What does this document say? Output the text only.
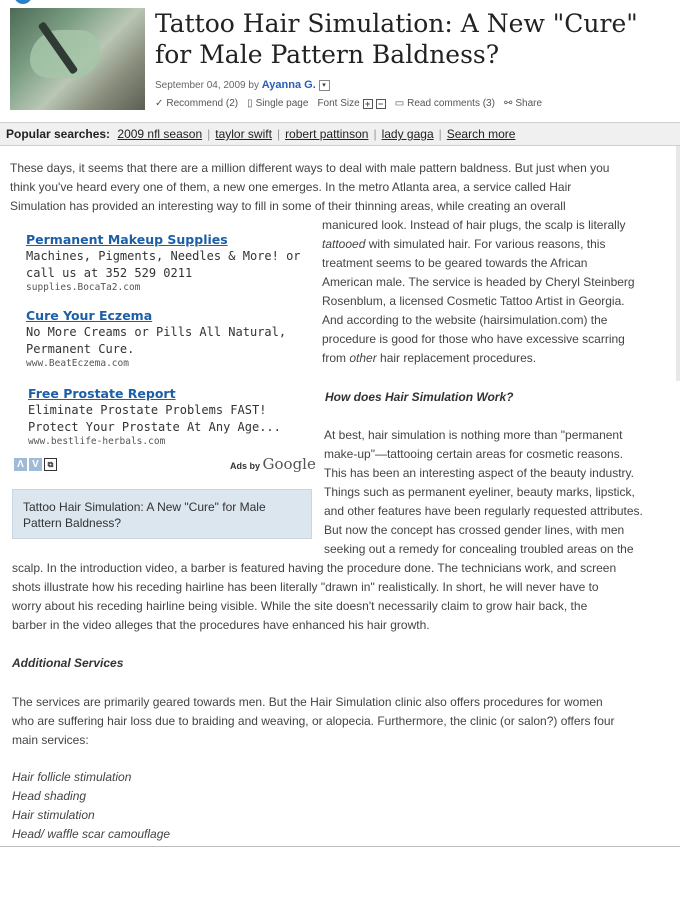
Tattoo Hair Simulation: A New "Cure" for Male Pattern Baldness?
September 04, 2009 by Ayanna G. ▾
✓ Recommend (2) ▯ Single page Font Size + − ▭ Read comments (3) ⚯ Share
Popular searches: 2009 nfl season | taylor swift | robert pattinson | lady gaga | Search more

These days, it seems that there are a million different ways to deal with male pattern baldness. But just when you

think you've heard every one of them, a new one emerges. In the metro Atlanta area, a service called Hair

Simulation has provided an interesting way to fill in some of their thinning areas, while creating an overall

manicured look. Instead of hair plugs, the scalp is literally

tattooed with simulated hair. For various reasons, this

treatment seems to be geared towards the African

American male. The service is headed by Cheryl Steinberg

Rosenblum, a licensed Cosmetic Tattoo Artist in Georgia.

And according to the website (hairsimulation.com) the

procedure is good for those who have excessive scarring

from other hair replacement procedures.

How does Hair Simulation Work?

At best, hair simulation is nothing more than "permanent

make-up"—tattooing certain areas for cosmetic reasons.

This has been an interesting aspect of the beauty industry.

Things such as permanent eyeliner, beauty marks, lipstick,

and other features have been regularly requested attributes.

But now the concept has crossed gender lines, with men

seeking out a remedy for concealing troubled areas on the

scalp. In the introduction video, a barber is featured having the procedure done. The technicians work, and screen

shots illustrate how his receding hairline has been literally "drawn in" realistically. In short, he will never have to

worry about his receding hairline being visible. While the site doesn't necessarily claim to grow hair back, the

barber in the video alleges that the procedures have enhanced his hair growth.

Additional Services

The services are primarily geared towards men. But the Hair Simulation clinic also offers procedures for women

who are suffering hair loss due to braiding and weaving, or alopecia. Furthermore, the clinic (or salon?) offers four

main services:

Hair follicle stimulation

Head shading

Hair stimulation

Head/ waffle scar camouflage

Permanent Makeup Supplies
Machines, Pigments, Needles & More! or
call us at 352 529 0211
supplies.BocaTa2.com
Cure Your Eczema
No More Creams or Pills All Natural,
Permanent Cure.
www.BeatEczema.com
Free Prostate Report
Eliminate Prostate Problems FAST!
Protect Your Prostate At Any Age...
www.bestlife-herbals.com
Λ V	⧉	Ads by Google
Tattoo Hair Simulation: A New "Cure" for Male Pattern Baldness?
